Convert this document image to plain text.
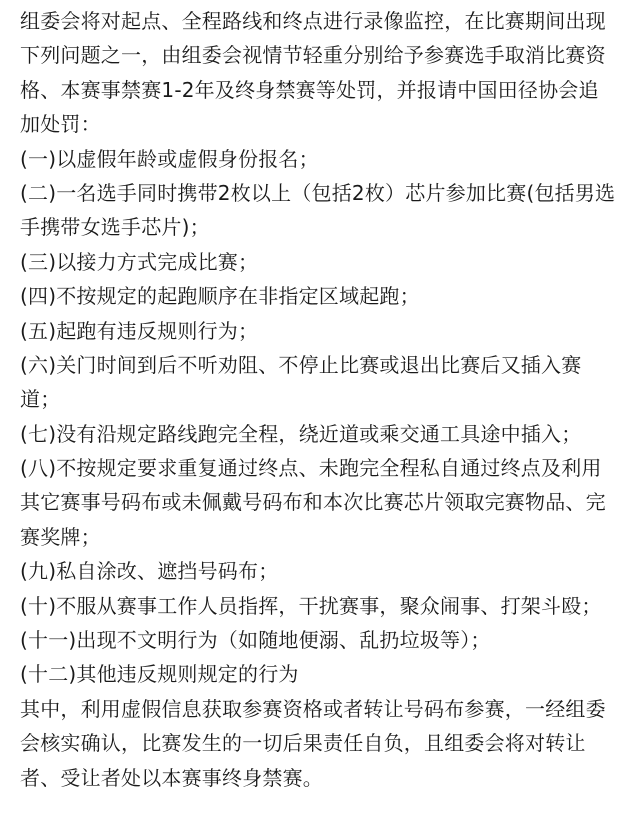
组委会将对起点、全程路线和终点进行录像监控，在比赛期间出现
下列问题之一，由组委会视情节轻重分别给予参赛选手取消比赛资
格、本赛事禁赛1-2年及终身禁赛等处罚，并报请中国田径协会追
加处罚：
(一)以虚假年龄或虚假身份报名；
(二)一名选手同时携带2枚以上（包括2枚）芯片参加比赛(包括男选
手携带女选手芯片)；
(三)以接力方式完成比赛；
(四)不按规定的起跑顺序在非指定区域起跑；
(五)起跑有违反规则行为；
(六)关门时间到后不听劝阻、不停止比赛或退出比赛后又插入赛
道；
(七)没有沿规定路线跑完全程，绕近道或乘交通工具途中插入；
(八)不按规定要求重复通过终点、未跑完全程私自通过终点及利用
其它赛事号码布或未佩戴号码布和本次比赛芯片领取完赛物品、完
赛奖牌；
(九)私自涂改、遮挡号码布；
(十)不服从赛事工作人员指挥，干扰赛事，聚众闹事、打架斗殴；
(十一)出现不文明行为（如随地便溺、乱扔垃圾等）；
(十二)其他违反规则规定的行为
其中，利用虚假信息获取参赛资格或者转让号码布参赛，一经组委
会核实确认，比赛发生的一切后果责任自负，且组委会将对转让
者、受让者处以本赛事终身禁赛。
